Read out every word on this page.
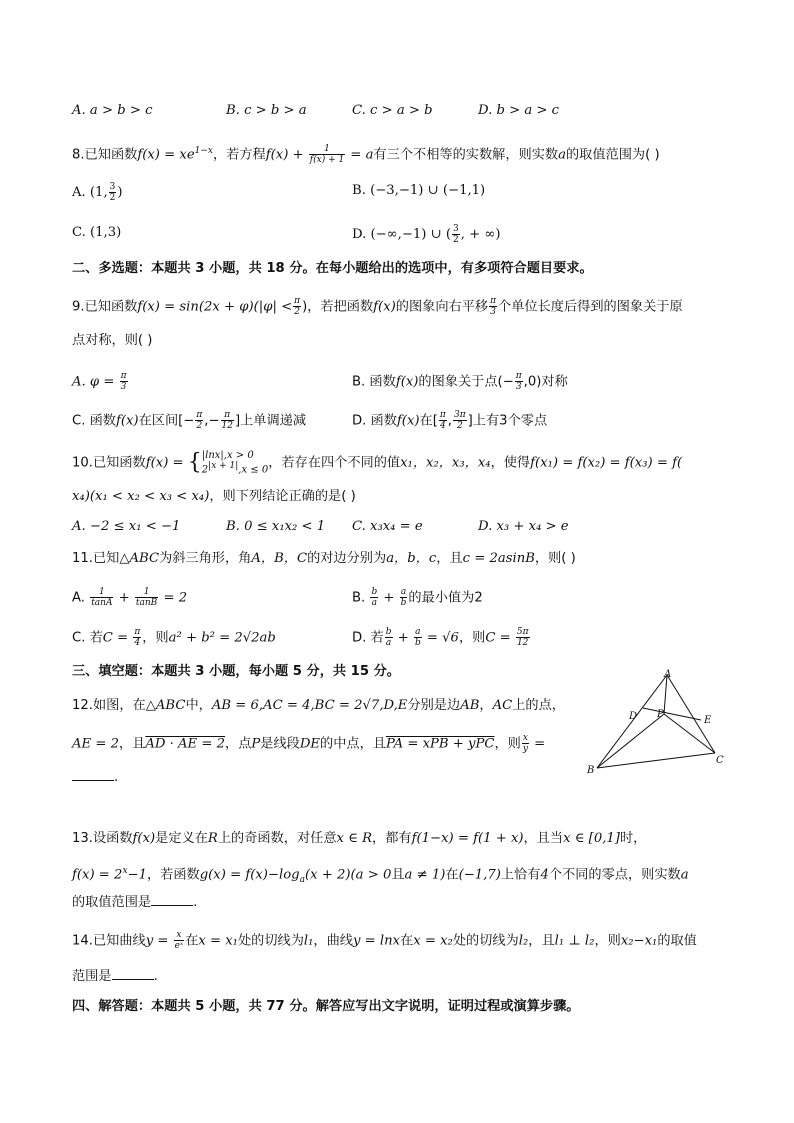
A. a > b > c	B. c > b > a	C. c > a > b	D. b > a > c
8.已知函数$f(x) = xe^{1-x}$，若方程$f(x) + \frac{1}{f(x) + 1} = a$有三个不相等的实数解，则实数a的取值范围为( )
A. (1, $\frac{3}{2}$ )	B. (−3,−1) ∪ (−1,1)
C. (1,3)	D. (−∞,−1) ∪ ( $\frac{3}{2}$ , + ∞)
二、多选题：本题共 3 小题，共 18 分。在每小题给出的选项中，有多项符合题目要求。
9.已知函数$f(x) = \sin(2x + \varphi)(|\varphi| < \frac{\pi}{2}$ )，若把函数f(x)的图象向右平移 $\frac{\pi}{3}$ 个单位长度后得到的图象关于原
点对称，则( )
A. $\varphi = \frac{\pi}{3}$	B. 函数f(x)的图象关于点(− $\frac{\pi}{3} ,0$)对称
C. 函数f(x)在区间[− $\frac{\pi}{2}$ ,− $\frac{\pi}{12}$ ]上单调递减	D. 函数f(x)在[ $\frac{\pi}{4}$ , $\frac{3\pi}{2}$ ]上有3个零点
10.已知函数f(x) = { |lnx|,x > 0
$2^{|x + 1|},x \le 0$ ，若存在四个不同的值x₁，x₂，x₃，x₄，使得f(x₁) = f(x₂) = f(x₃) = f(
x₄)(x₁ < x₂ < x₃ < x₄)，则下列结论正确的是( )
A. −2 ≤ x₁ < −1	B. 0 ≤ x₁x₂ < 1 C. x₃x₄ = e	D. x₃ + x₄ > e
11.已知△ABC为斜三角形，角A，B，C的对边分别为a，b，c，且c = 2asinB，则( )
A. $\frac{1}{\tan A} + \frac{1}{\tan B} = 2$	B. $\frac{b}{a} + \frac{a}{b}$ 的最小值为2
C. 若$C = \frac{\pi}{4}$ ，则a² + b² = 2√2ab	D. 若 $\frac{b}{a} + \frac{a}{b} = √6$，则$C = \frac{5\pi}{12}$
三、填空题：本题共 3 小题，每小题 5 分，共 15 分。
12.如图，在△ABC中，AB = 6,AC = 4,BC = 2√7,D,E分别是边AB，AC上的点，
AE = 2，且AD · AE = 2，点P是线段DE的中点，且PA = xPB + yPC，则 $\frac{x}{y}$ =
.
A
D P
E
B
C
13.设函数f(x)是定义在R上的奇函数，对任意x ∈ R，都有f(1−x) = f(1 + x)，且当x ∈ [0,1]时，
$f(x) = 2^x-1$，若函数$g(x) = f(x)-\log_a(x + 2)(a > 0$且a ≠ 1)在(−1,7)上恰有4个不同的零点，则实数a
的取值范围是	.
14.已知曲线$y = \frac{x}{\text{eˣ}}$ 在x = x₁处的切线为l₁，曲线y = lnx在x = x₂处的切线为l₂，且l₁ ⊥ l₂，则x₂−x₁的取值
范围是	.
四、解答题：本题共 5 小题，共 77 分。解答应写出文字说明，证明过程或演算步骤。
